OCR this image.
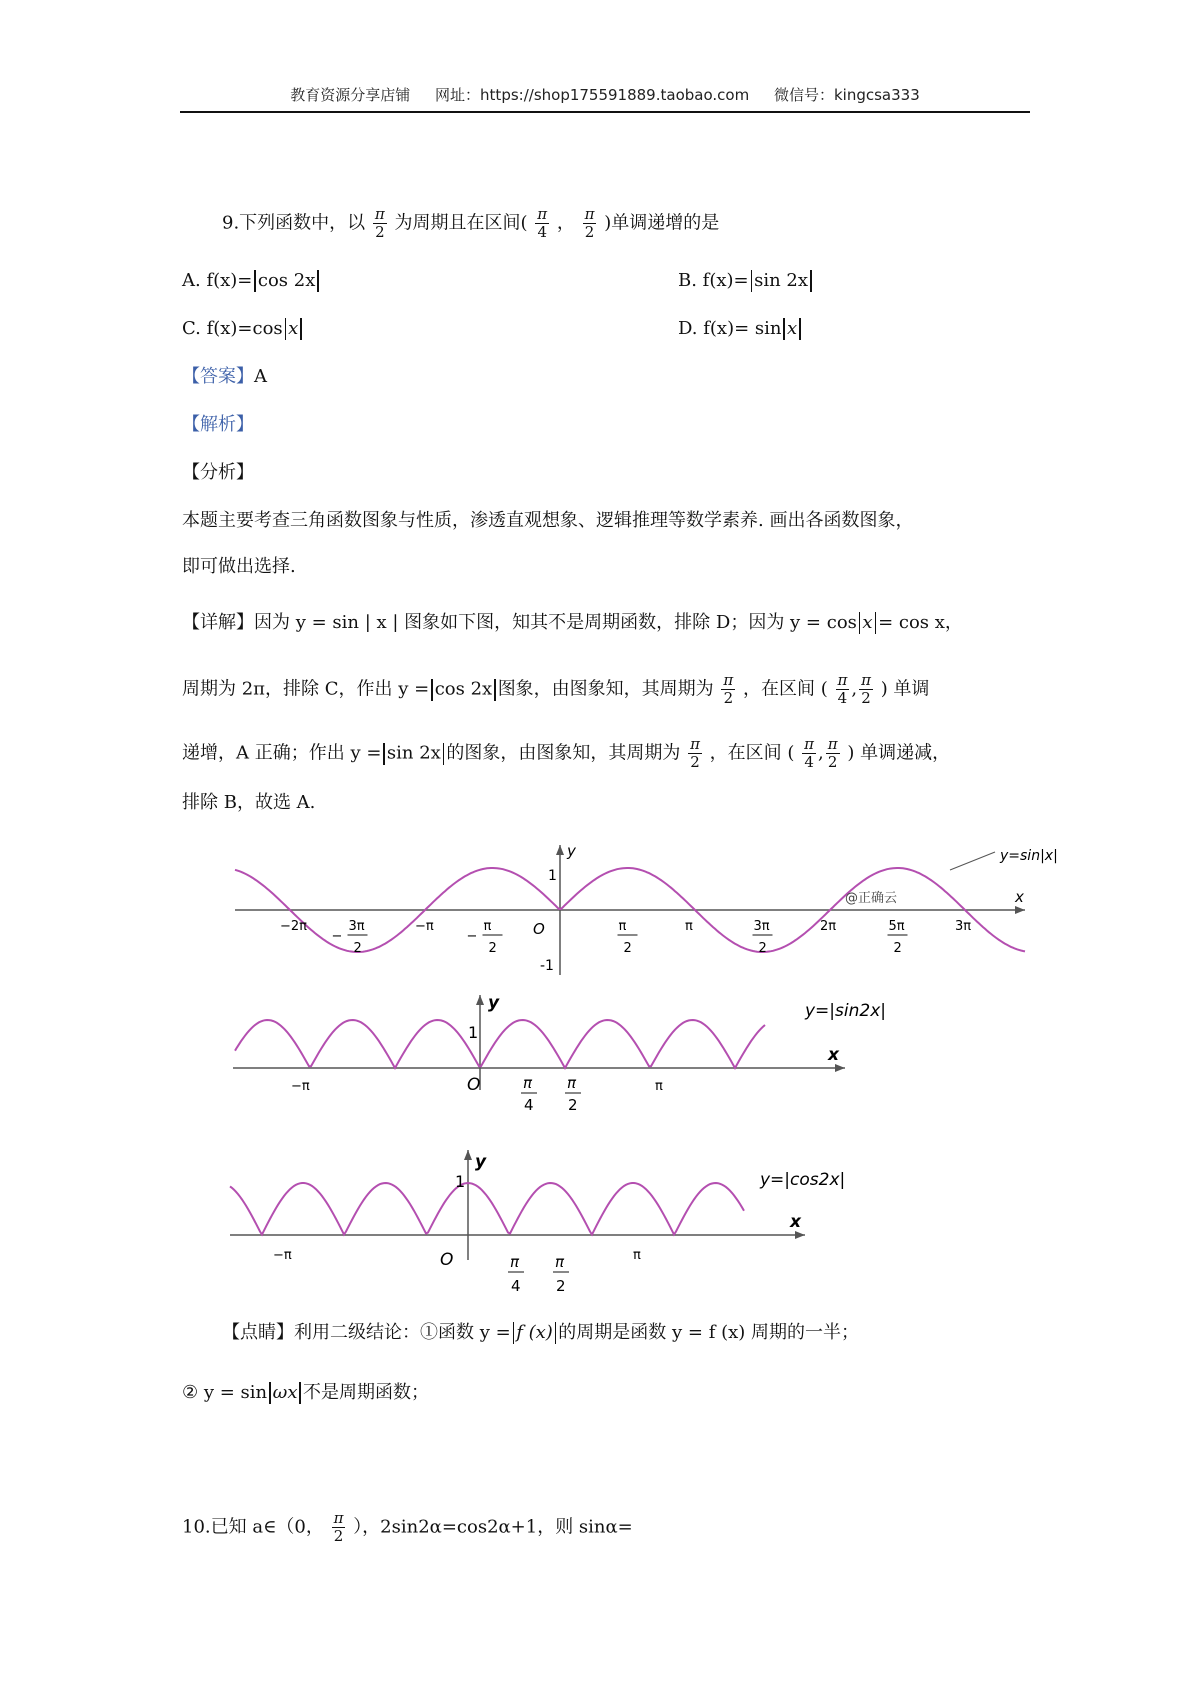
教育资源分享店铺 网址：https://shop175591889.taobao.com 微信号：kingcsa333
9.下列函数中，以 $\frac{\pi}{2}$ 为周期且在区间( $\frac{\pi}{4}$ ， $\frac{\pi}{2}$ )单调递增的是
A. f(x)= cos 2x	B. f(x)= sin 2x
C. f(x)=cos x	D. f(x)= sin x
【答案】A
【解析】
【分析】
本题主要考查三角函数图象与性质，渗透直观想象、逻辑推理等数学素养. 画出各函数图象，
即可做出选择.
【详解】因为 y = sin | x | 图象如下图，知其不是周期函数，排除 D；因为 y = cos x = cos x，
周期为 2π，排除 C，作出 y = cos 2x 图象，由图象知，其周期为 $\frac{\pi}{2}$ ，在区间 ( $\frac{\pi}{4}$ , $\frac{\pi}{2}$ ) 单调
递增，A 正确；作出 y = sin 2x 的图象，由图象知，其周期为 $\frac{\pi}{2}$ ，在区间 ( $\frac{\pi}{4}$ , $\frac{\pi}{2}$ ) 单调递减，
排除 B，故选 A.
x
y
1
-1
O
@正确云
y=sin|x|
−2π	−π	π	2π	3π
−
3π
2
−
π
2
π
2
3π
2
5π
2
x
y
1
O
y=|sin2x|
−π	π
π
4
π
2
x
y
1
O
y=|cos2x|
−π	π
π
4
π
2
【点睛】利用二级结论：①函数 y = f (x) 的周期是函数 y = f (x) 周期的一半；
② y = sin ωx 不是周期函数；
10.已知 a∈（0， $\frac{\pi}{2}$ ），2sin2α=cos2α+1，则 sinα=
